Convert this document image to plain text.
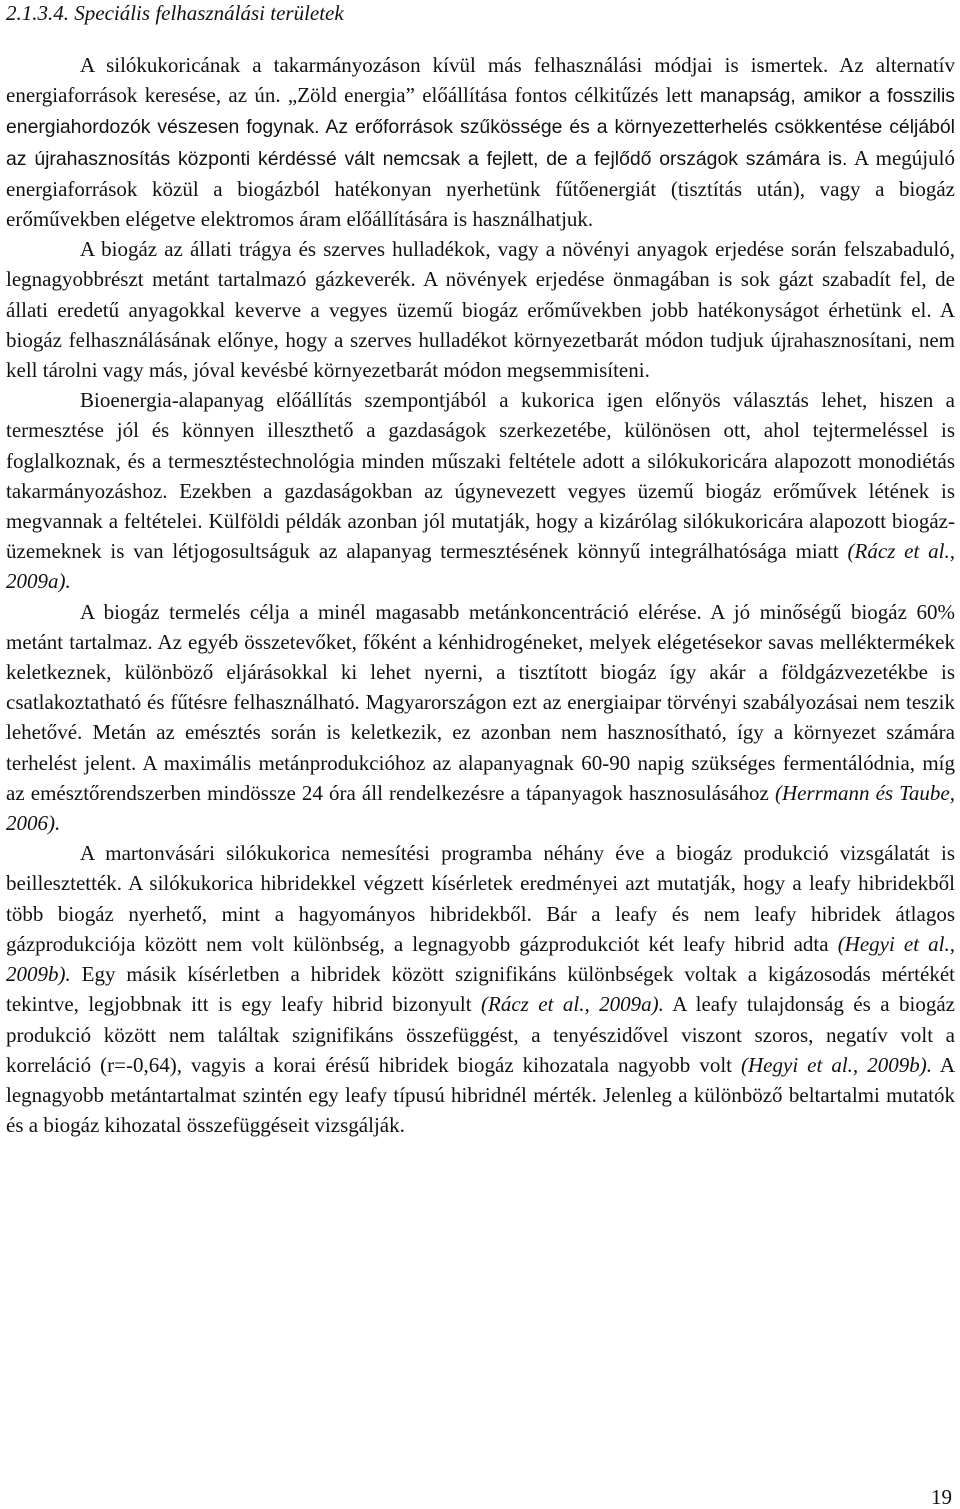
2.1.3.4. Speciális felhasználási területek

A silókukoricának a takarmányozáson kívül más felhasználási módjai is ismertek. Az alternatív energiaforrások keresése, az ún. „Zöld energia” előállítása fontos célkitűzés lett manapság, amikor a fosszilis energiahordozók vészesen fogynak. Az erőforrások szűkössége és a környezetterhelés csökkentése céljából az újrahasznosítás központi kérdéssé vált nemcsak a fejlett, de a fejlődő országok számára is. A megújuló energiaforrások közül a biogázból hatékonyan nyerhetünk fűtőenergiát (tisztítás után), vagy a biogáz erőművekben elégetve elektromos áram előállítására is használhatjuk.

A biogáz az állati trágya és szerves hulladékok, vagy a növényi anyagok erjedése során felszabaduló, legnagyobbrészt metánt tartalmazó gázkeverék. A növények erjedése önmagában is sok gázt szabadít fel, de állati eredetű anyagokkal keverve a vegyes üzemű biogáz erőművekben jobb hatékonyságot érhetünk el. A biogáz felhasználásának előnye, hogy a szerves hulladékot környezetbarát módon tudjuk újrahasznosítani, nem kell tárolni vagy más, jóval kevésbé környezetbarát módon megsemmisíteni.

Bioenergia-alapanyag előállítás szempontjából a kukorica igen előnyös választás lehet, hiszen a termesztése jól és könnyen illeszthető a gazdaságok szerkezetébe, különösen ott, ahol tejtermeléssel is foglalkoznak, és a termesztéstechnológia minden műszaki feltétele adott a silókukoricára alapozott monodiétás takarmányozáshoz. Ezekben a gazdaságokban az úgynevezett vegyes üzemű biogáz erőművek létének is megvannak a feltételei. Külföldi példák azonban jól mutatják, hogy a kizárólag silókukoricára alapozott biogáz-üzemeknek is van létjogosultságuk az alapanyag termesztésének könnyű integrálhatósága miatt (Rácz et al., 2009a).

A biogáz termelés célja a minél magasabb metánkoncentráció elérése. A jó minőségű biogáz 60% metánt tartalmaz. Az egyéb összetevőket, főként a kénhidrogéneket, melyek elégetésekor savas melléktermékek keletkeznek, különböző eljárásokkal ki lehet nyerni, a tisztított biogáz így akár a földgázvezetékbe is csatlakoztatható és fűtésre felhasználható. Magyarországon ezt az energiaipar törvényi szabályozásai nem teszik lehetővé. Metán az emésztés során is keletkezik, ez azonban nem hasznosítható, így a környezet számára terhelést jelent. A maximális metánprodukcióhoz az alapanyagnak 60-90 napig szükséges fermentálódnia, míg az emésztőrendszerben mindössze 24 óra áll rendelkezésre a tápanyagok hasznosulásához (Herrmann és Taube, 2006).

A martonvásári silókukorica nemesítési programba néhány éve a biogáz produkció vizsgálatát is beillesztették. A silókukorica hibridekkel végzett kísérletek eredményei azt mutatják, hogy a leafy hibridekből több biogáz nyerhető, mint a hagyományos hibridekből. Bár a leafy és nem leafy hibridek átlagos gázprodukciója között nem volt különbség, a legnagyobb gázprodukciót két leafy hibrid adta (Hegyi et al., 2009b). Egy másik kísérletben a hibridek között szignifikáns különbségek voltak a kigázosodás mértékét tekintve, legjobbnak itt is egy leafy hibrid bizonyult (Rácz et al., 2009a). A leafy tulajdonság és a biogáz produkció között nem találtak szignifikáns összefüggést, a tenyészidővel viszont szoros, negatív volt a korreláció (r=-0,64), vagyis a korai érésű hibridek biogáz kihozatala nagyobb volt (Hegyi et al., 2009b). A legnagyobb metántartalmat szintén egy leafy típusú hibridnél mérték. Jelenleg a különböző beltartalmi mutatók és a biogáz kihozatal összefüggéseit vizsgálják.

19
